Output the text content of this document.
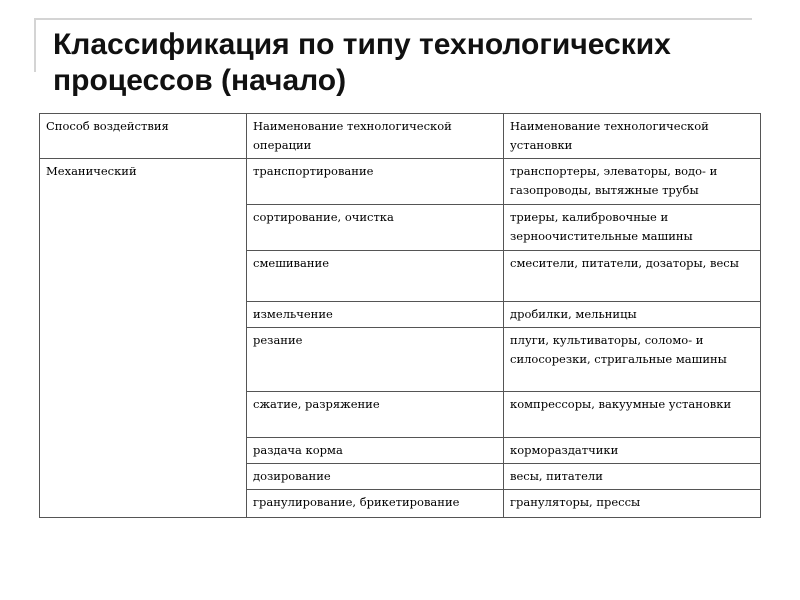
Классификация по типу технологических
процессов (начало)
Способ воздействия	Наименование технологической операции	Наименование технологической установки
Механический	транспортирование	транспортеры, элеваторы, водо- и газопроводы, вытяжные трубы
	сортирование, очистка	триеры, калибровочные и зерноочистительные машины
	смешивание	смесители, питатели, дозаторы, весы
	измельчение	дробилки, мельницы
	резание	плуги, культиваторы, соломо- и силосорезки, стригальные машины
	сжатие, разряжение	компрессоры, вакуумные установки
	раздача корма	кормораздатчики
	дозирование	весы, питатели
	гранулирование, брикетирование	грануляторы, прессы
